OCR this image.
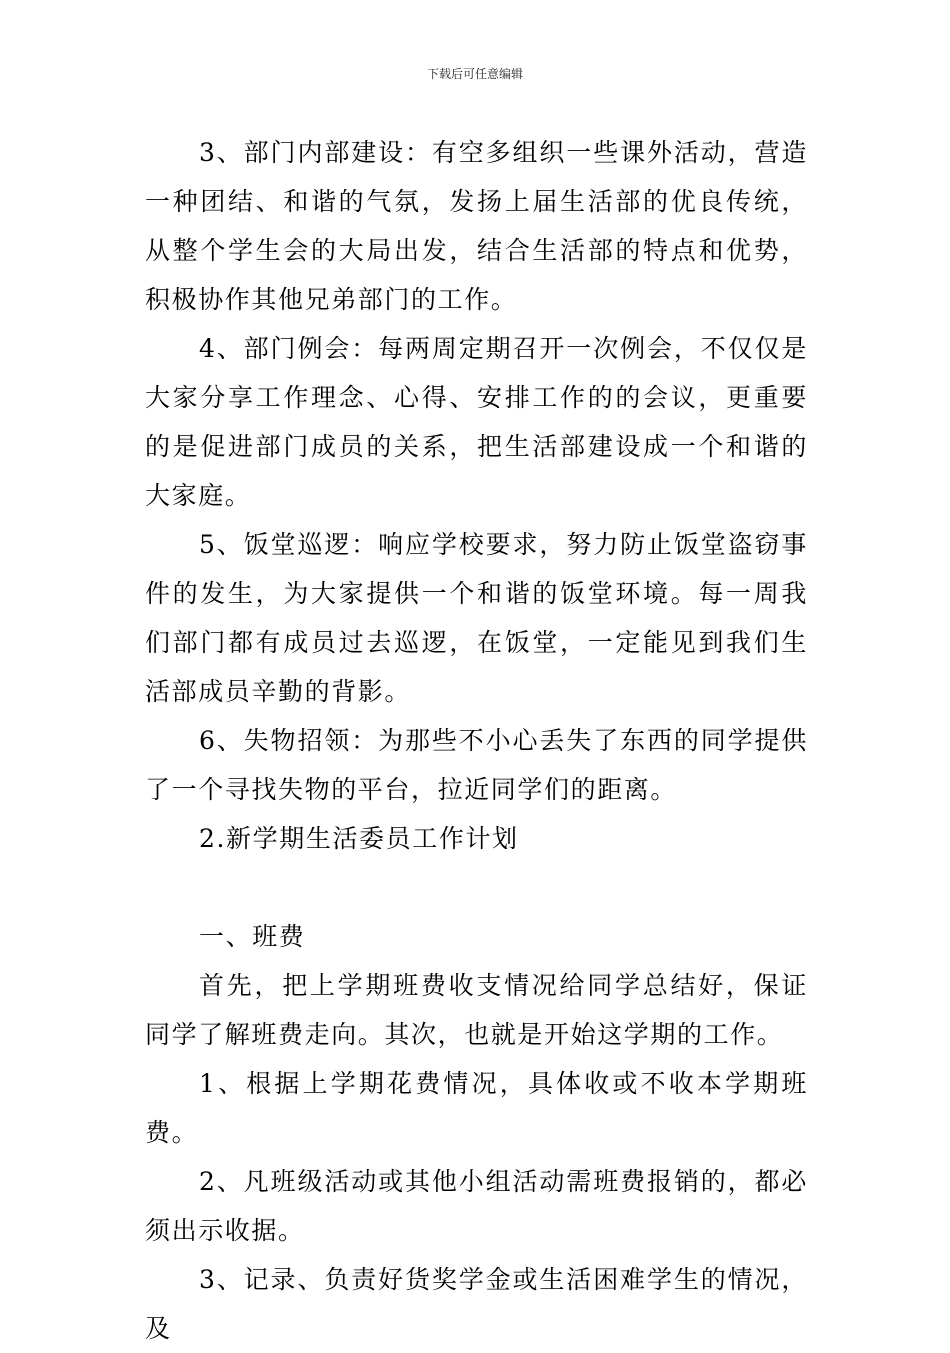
下载后可任意编辑

3、部门内部建设：有空多组织一些课外活动，营造一种团结、和谐的气氛，发扬上届生活部的优良传统，从整个学生会的大局出发，结合生活部的特点和优势，积极协作其他兄弟部门的工作。

4、部门例会：每两周定期召开一次例会，不仅仅是大家分享工作理念、心得、安排工作的的会议，更重要的是促进部门成员的关系，把生活部建设成一个和谐的大家庭。

5、饭堂巡逻：响应学校要求，努力防止饭堂盗窃事件的发生，为大家提供一个和谐的饭堂环境。每一周我们部门都有成员过去巡逻，在饭堂，一定能见到我们生活部成员辛勤的背影。

6、失物招领：为那些不小心丢失了东西的同学提供了一个寻找失物的平台，拉近同学们的距离。

2.新学期生活委员工作计划

一、班费

首先，把上学期班费收支情况给同学总结好，保证同学了解班费走向。其次，也就是开始这学期的工作。

1、根据上学期花费情况，具体收或不收本学期班费。

2、凡班级活动或其他小组活动需班费报销的，都必须出示收据。

3、记录、负责好货奖学金或生活困难学生的情况，及
